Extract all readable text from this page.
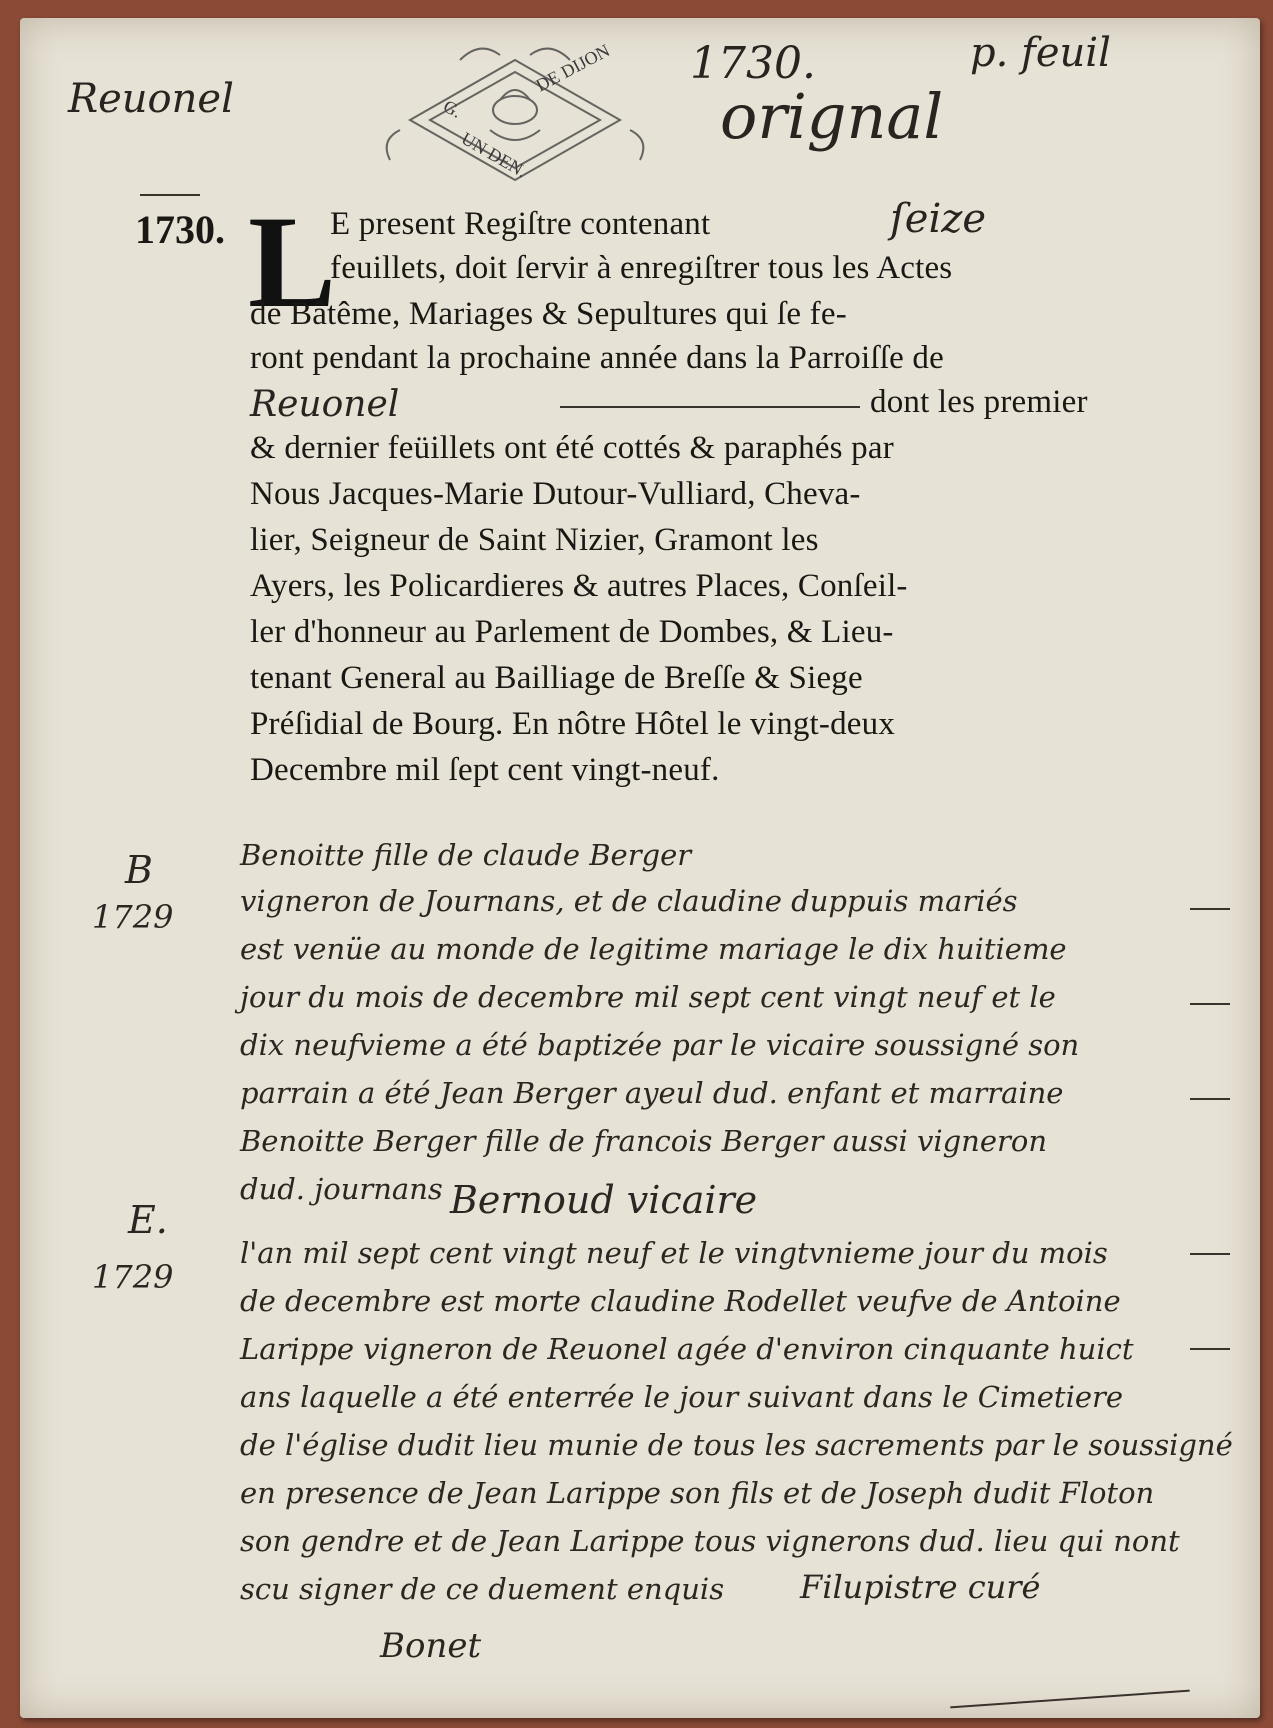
Reuonel
1730.
orignal
p. feuil
DE DIJON
G.
UN DEN.
1730. L
E present Regiſtre contenant	ſeize
feuillets, doit ſervir à enregiſtrer tous les Actes
de Bâtême, Mariages & Sepultures qui ſe fe-
ront pendant la prochaine année dans la Parroiſſe de
Reuonel	dont les premier
& dernier feüillets ont été cottés & paraphés par
Nous Jacques-Marie Dutour-Vulliard, Cheva-
lier, Seigneur de Saint Nizier, Gramont les
Ayers, les Policardieres & autres Places, Conſeil-
ler d'honneur au Parlement de Dombes, & Lieu-
tenant General au Bailliage de Breſſe & Siege
Préſidial de Bourg. En nôtre Hôtel le vingt-deux
Decembre mil ſept cent vingt-neuf.
B
1729
Benoitte fille de claude Berger
vigneron de Journans, et de claudine duppuis mariés
est venüe au monde de legitime mariage le dix huitieme
jour du mois de decembre mil sept cent vingt neuf et le
dix neufvieme a été baptizée par le vicaire soussigné son
parrain a été Jean Berger ayeul dud. enfant et marraine
Benoitte Berger fille de francois Berger aussi vigneron
dud. journans Bernoud vicaire
E.
1729
l'an mil sept cent vingt neuf et le vingtvnieme jour du mois
de decembre est morte claudine Rodellet veufve de Antoine
Larippe vigneron de Reuonel agée d'environ cinquante huict
ans laquelle a été enterrée le jour suivant dans le Cimetiere
de l'église dudit lieu munie de tous les sacrements par le soussigné
en presence de Jean Larippe son fils et de Joseph dudit Floton
son gendre et de Jean Larippe tous vignerons dud. lieu qui nont
scu signer de ce duement enquis Filupistre curé
Bonet
